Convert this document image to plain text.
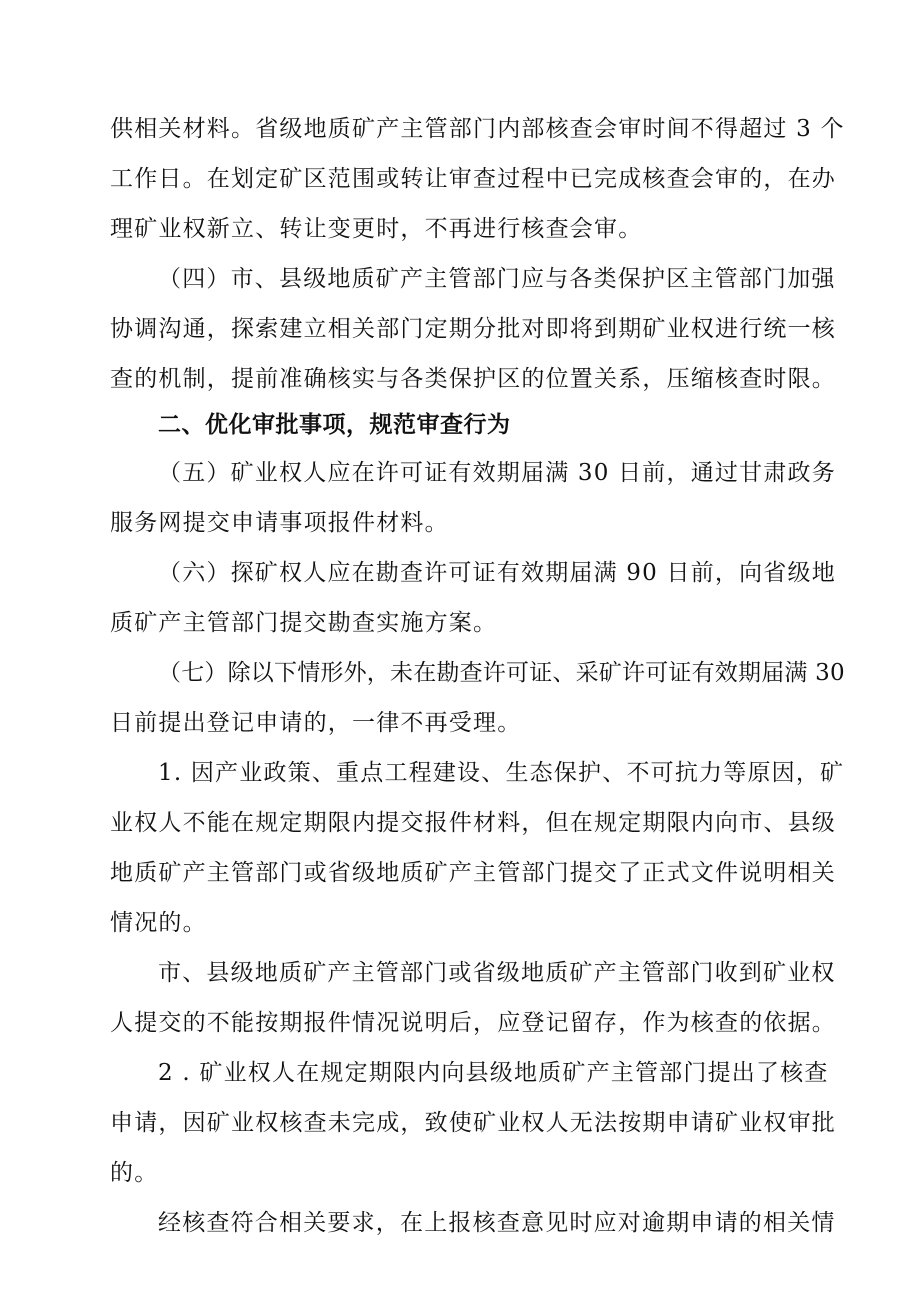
供相关材料。省级地质矿产主管部门内部核查会审时间不得超过 3 个
工作日。在划定矿区范围或转让审查过程中已完成核查会审的，在办
理矿业权新立、转让变更时，不再进行核查会审。
（四）市、县级地质矿产主管部门应与各类保护区主管部门加强
协调沟通，探索建立相关部门定期分批对即将到期矿业权进行统一核
查的机制，提前准确核实与各类保护区的位置关系，压缩核查时限。
二、优化审批事项，规范审查行为
（五）矿业权人应在许可证有效期届满 30 日前，通过甘肃政务
服务网提交申请事项报件材料。
（六）探矿权人应在勘查许可证有效期届满 90 日前，向省级地
质矿产主管部门提交勘查实施方案。
（七）除以下情形外，未在勘查许可证、采矿许可证有效期届满 30
日前提出登记申请的，一律不再受理。
1. 因产业政策、重点工程建设、生态保护、不可抗力等原因，矿
业权人不能在规定期限内提交报件材料，但在规定期限内向市、县级
地质矿产主管部门或省级地质矿产主管部门提交了正式文件说明相关
情况的。
市、县级地质矿产主管部门或省级地质矿产主管部门收到矿业权
人提交的不能按期报件情况说明后，应登记留存，作为核查的依据。
2 . 矿业权人在规定期限内向县级地质矿产主管部门提出了核查
申请，因矿业权核查未完成，致使矿业权人无法按期申请矿业权审批
的。
经核查符合相关要求，在上报核查意见时应对逾期申请的相关情
